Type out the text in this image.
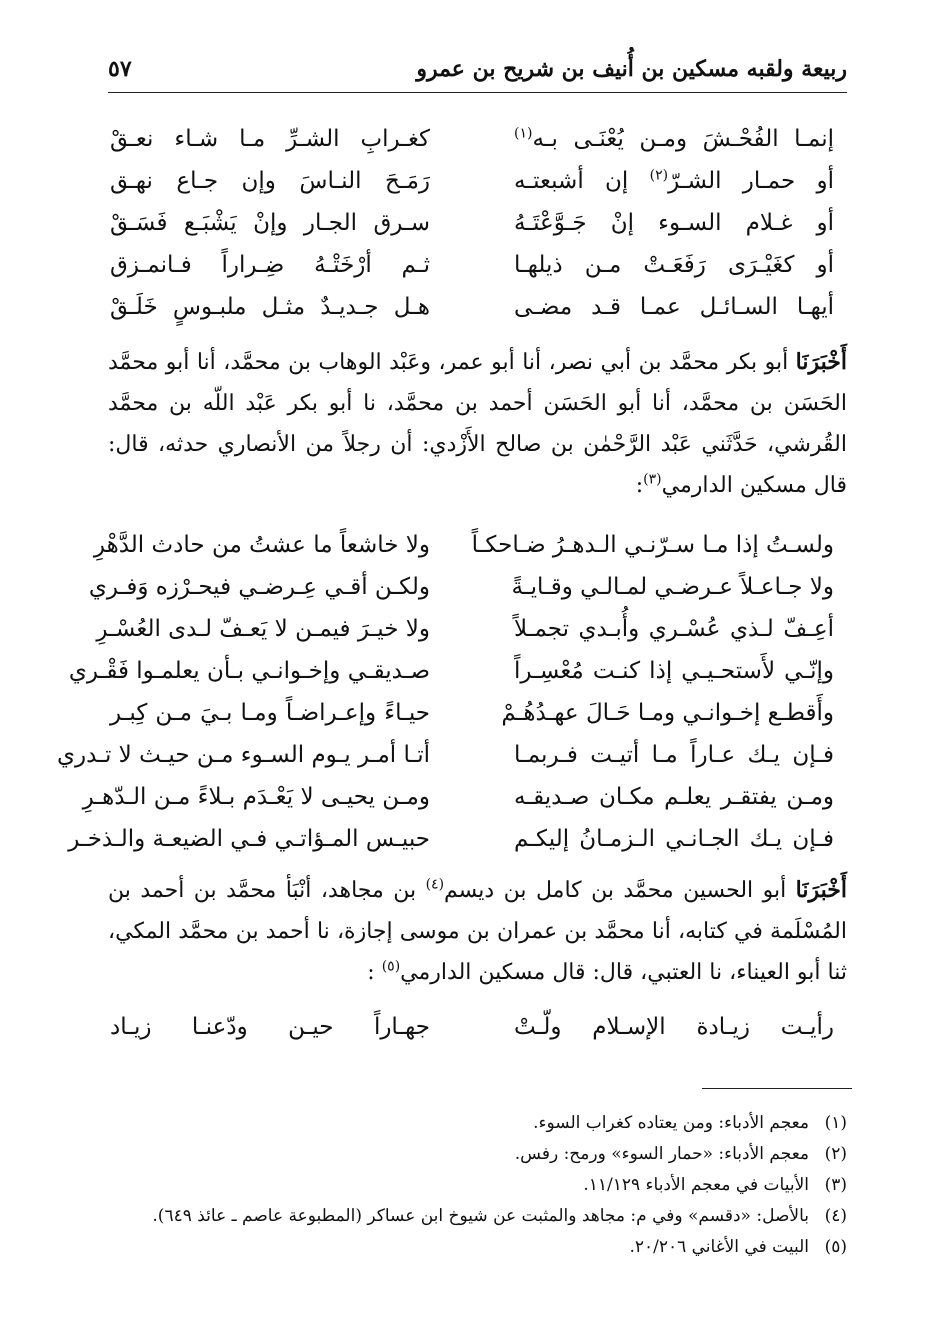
ربيعة ولقبه مسكين بن أُنيف بن شريح بن عمرو
٥٧
إنمـا الفُحْـشَ ومـن يُعْنَـى بـه$^{(١)}$
كغـرابِ الشـرِّ مـا شـاء نعـقْ
أو حمـار الشـرّ$^{(٢)}$ إن أشبعتـه
رَمَـحَ النـاسَ وإن جـاع نهـق
أو غـلام السـوء إنْ جَـوَّعْتَـهُ
سـرق الجـار وإنْ يَشْبَـع فَسَـقْ
أو كغَيْـرَى رَفَعَـتْ مـن ذيلهـا
ثـم أرْخَتْـهُ ضِـراراً فـانمـزق
أيهـا السـائـل عمـا قـد مضـى
هـل جـديـدٌ مثـل ملبـوسٍ خَلَـقْ
أَخْبَرَنَا أبو بكر محمَّد بن أبي نصر، أنا أبو عمر، وعَبْد الوهاب بن محمَّد، أنا أبو محمَّد الحَسَن بن محمَّد، أنا أبو الحَسَن أحمد بن محمَّد، نا أبو بكر عَبْد اللّه بن محمَّد القُرشي، حَدَّثَني عَبْد الرَّحْمٰن بن صالح الأَزْدي: أن رجلاً من الأنصاري حدثه، قال: قال مسكين الدارمي$^{(٣)}$:
ولسـتُ إذا مـا سـرّنـي الـدهـرُ ضـاحكـاً
ولا خاشعاً ما عشتُ من حادث الدَّهْرِ
ولا جـاعـلاً عـرضـي لمـالـي وقـايـةً
ولكـن أقـي عِـرضـي فيحـرْزه وَفـري
أعِـفّ لـذي عُسْـري وأُبـدي تجمـلاً
ولا خيـرَ فيمـن لا يَعـفّ لـدى العُسْـرِ
وإنّـي لأَستحـيـي إذا كنـت مُعْسِـراً
صـديقـي وإخـوانـي بـأن يعلمـوا فَقْـري
وأَقطـع إخـوانـي ومـا حَـالَ عهـدُهُـمْ
حيـاءً وإعـراضـاً ومـا بـيَ مـن كِبـر
فـإن يـك عـاراً مـا أتيـت فـربمـا
أتـا أمـر يـوم السـوء مـن حيـث لا تـدري
ومـن يفتقـر يعلـم مكـان صـديقـه
ومـن يحيـى لا يَعْـدَم بـلاءً مـن الـدّهـرِ
فـإن يـك الجـانـي الـزمـانُ إليكـم
حبيـس المـؤاتـي فـي الضيعـة والـذخـر
أَخْبَرَنَا أبو الحسين محمَّد بن كامل بن ديسم$^{(٤)}$ بن مجاهد، أنْبَأ محمَّد بن أحمد بن المُسْلَمة في كتابه، أنا محمَّد بن عمران بن موسى إجازة، نا أحمد بن محمَّد المكي، ثنا أبو العيناء، نا العتبي، قال: قال مسكين الدارمي$^{(٥)}$ :
رأيـت زيـادة الإسـلام ولّـتْ
جهـاراً حيـن ودّعنـا زيـاد
(١)معجم الأدباء: ومن يعتاده كغراب السوء.
(٢)معجم الأدباء: «حمار السوء» ورمح: رفس.
(٣)الأبيات في معجم الأدباء ١١/١٢٩.
(٤)بالأصل: «دقسم» وفي م: مجاهد والمثبت عن شيوخ ابن عساكر (المطبوعة عاصم ـ عائذ ٦٤٩).
(٥)البيت في الأغاني ٢٠/٢٠٦.
